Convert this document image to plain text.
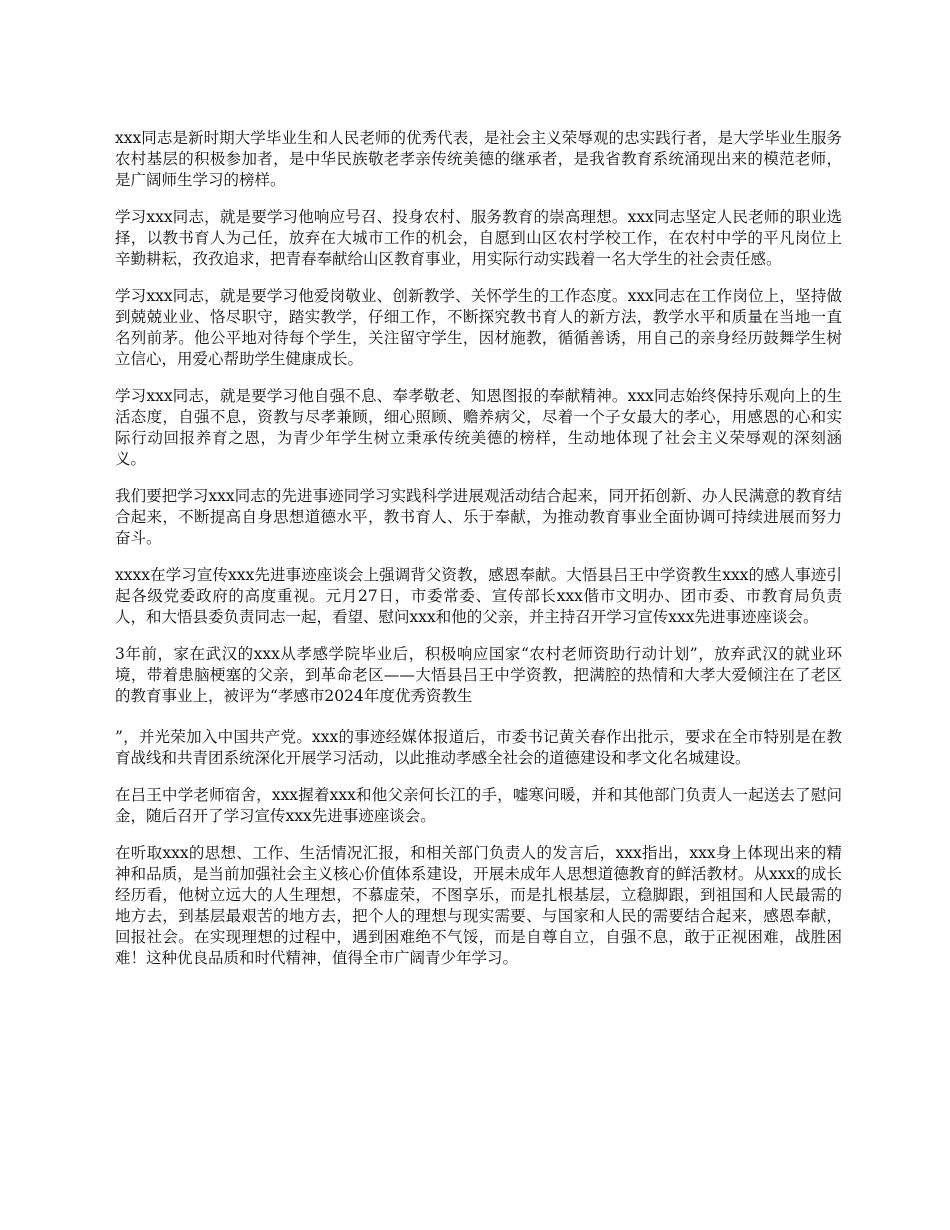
xxx同志是新时期大学毕业生和人民老师的优秀代表，是社会主义荣辱观的忠实践行者，是大学毕业生服务农村基层的积极参加者，是中华民族敬老孝亲传统美德的继承者，是我省教育系统涌现出来的模范老师，是广阔师生学习的榜样。

学习xxx同志，就是要学习他响应号召、投身农村、服务教育的崇高理想。xxx同志坚定人民老师的职业选择，以教书育人为己任，放弃在大城市工作的机会，自愿到山区农村学校工作，在农村中学的平凡岗位上辛勤耕耘，孜孜追求，把青春奉献给山区教育事业，用实际行动实践着一名大学生的社会责任感。

学习xxx同志，就是要学习他爱岗敬业、创新教学、关怀学生的工作态度。xxx同志在工作岗位上，坚持做到兢兢业业、恪尽职守，踏实教学，仔细工作，不断探究教书育人的新方法，教学水平和质量在当地一直名列前茅。他公平地对待每个学生，关注留守学生，因材施教，循循善诱，用自己的亲身经历鼓舞学生树立信心，用爱心帮助学生健康成长。

学习xxx同志，就是要学习他自强不息、奉孝敬老、知恩图报的奉献精神。xxx同志始终保持乐观向上的生活态度，自强不息，资教与尽孝兼顾，细心照顾、赡养病父，尽着一个子女最大的孝心，用感恩的心和实际行动回报养育之恩，为青少年学生树立秉承传统美德的榜样，生动地体现了社会主义荣辱观的深刻涵义。

我们要把学习xxx同志的先进事迹同学习实践科学进展观活动结合起来，同开拓创新、办人民满意的教育结合起来，不断提高自身思想道德水平，教书育人、乐于奉献，为推动教育事业全面协调可持续进展而努力奋斗。

xxxx在学习宣传xxx先进事迹座谈会上强调背父资教，感恩奉献。大悟县吕王中学资教生xxx的感人事迹引起各级党委政府的高度重视。元月27日，市委常委、宣传部长xxx偕市文明办、团市委、市教育局负责人，和大悟县委负责同志一起，看望、慰问xxx和他的父亲，并主持召开学习宣传xxx先进事迹座谈会。

3年前，家在武汉的xxx从孝感学院毕业后，积极响应国家“农村老师资助行动计划”，放弃武汉的就业环境，带着患脑梗塞的父亲，到革命老区——大悟县吕王中学资教，把满腔的热情和大孝大爱倾注在了老区的教育事业上，被评为“孝感市2024年度优秀资教生

”，并光荣加入中国共产党。xxx的事迹经媒体报道后，市委书记黄关春作出批示，要求在全市特别是在教育战线和共青团系统深化开展学习活动，以此推动孝感全社会的道德建设和孝文化名城建设。

在吕王中学老师宿舍，xxx握着xxx和他父亲何长江的手，嘘寒问暖，并和其他部门负责人一起送去了慰问金，随后召开了学习宣传xxx先进事迹座谈会。

在听取xxx的思想、工作、生活情况汇报，和相关部门负责人的发言后，xxx指出，xxx身上体现出来的精神和品质，是当前加强社会主义核心价值体系建设，开展未成年人思想道德教育的鲜活教材。从xxx的成长经历看，他树立远大的人生理想，不慕虚荣，不图享乐，而是扎根基层，立稳脚跟，到祖国和人民最需的地方去，到基层最艰苦的地方去，把个人的理想与现实需要、与国家和人民的需要结合起来，感恩奉献，回报社会。在实现理想的过程中，遇到困难绝不气馁，而是自尊自立，自强不息，敢于正视困难，战胜困难！这种优良品质和时代精神，值得全市广阔青少年学习。
